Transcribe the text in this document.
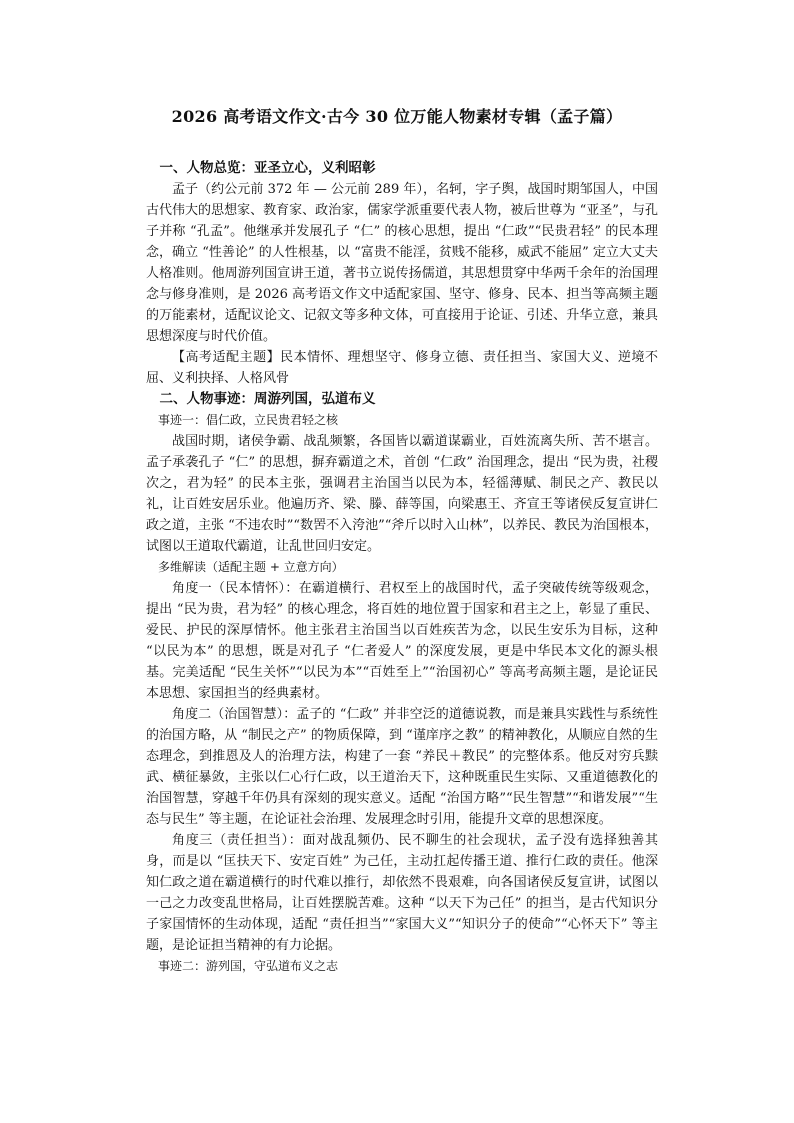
2026 高考语文作文·古今 30 位万能人物素材专辑（孟子篇）

一、人物总览：亚圣立心，义利昭彰

孟子（约公元前 372 年 — 公元前 289 年），名轲，字子舆，战国时期邹国人，中国古代伟大的思想家、教育家、政治家，儒家学派重要代表人物，被后世尊为 “亚圣”，与孔子并称 “孔孟”。他继承并发展孔子 “仁” 的核心思想，提出 “仁政”“民贵君轻” 的民本理念，确立 “性善论” 的人性根基，以 “富贵不能淫，贫贱不能移，威武不能屈” 定立大丈夫人格准则。他周游列国宣讲王道，著书立说传扬儒道，其思想贯穿中华两千余年的治国理念与修身准则，是 2026 高考语文作文中适配家国、坚守、修身、民本、担当等高频主题的万能素材，适配议论文、记叙文等多种文体，可直接用于论证、引述、升华立意，兼具思想深度与时代价值。

【高考适配主题】民本情怀、理想坚守、修身立德、责任担当、家国大义、逆境不屈、义利抉择、人格风骨

二、人物事迹：周游列国，弘道布义

事迹一：倡仁政，立民贵君轻之核

战国时期，诸侯争霸、战乱频繁，各国皆以霸道谋霸业，百姓流离失所、苦不堪言。孟子承袭孔子 “仁” 的思想，摒弃霸道之术，首创 “仁政” 治国理念，提出 “民为贵，社稷次之，君为轻” 的民本主张，强调君主治国当以民为本，轻徭薄赋、制民之产、教民以礼，让百姓安居乐业。他遍历齐、梁、滕、薛等国，向梁惠王、齐宣王等诸侯反复宣讲仁政之道，主张 “不违农时”“数罟不入洿池”“斧斤以时入山林”，以养民、教民为治国根本，试图以王道取代霸道，让乱世回归安定。

多维解读（适配主题 + 立意方向）

角度一（民本情怀）：在霸道横行、君权至上的战国时代，孟子突破传统等级观念，提出 “民为贵，君为轻” 的核心理念，将百姓的地位置于国家和君主之上，彰显了重民、爱民、护民的深厚情怀。他主张君主治国当以百姓疾苦为念，以民生安乐为目标，这种 “以民为本” 的思想，既是对孔子 “仁者爱人” 的深度发展，更是中华民本文化的源头根基。完美适配 “民生关怀”“以民为本”“百姓至上”“治国初心” 等高考高频主题，是论证民本思想、家国担当的经典素材。

角度二（治国智慧）：孟子的 “仁政” 并非空泛的道德说教，而是兼具实践性与系统性的治国方略，从 “制民之产” 的物质保障，到 “谨庠序之教” 的精神教化，从顺应自然的生态理念，到推恩及人的治理方法，构建了一套 “养民＋教民” 的完整体系。他反对穷兵黩武、横征暴敛，主张以仁心行仁政，以王道治天下，这种既重民生实际、又重道德教化的治国智慧，穿越千年仍具有深刻的现实意义。适配 “治国方略”“民生智慧”“和谐发展”“生态与民生” 等主题，在论证社会治理、发展理念时引用，能提升文章的思想深度。

角度三（责任担当）：面对战乱频仍、民不聊生的社会现状，孟子没有选择独善其身，而是以 “匡扶天下、安定百姓” 为己任，主动扛起传播王道、推行仁政的责任。他深知仁政之道在霸道横行的时代难以推行，却依然不畏艰难，向各国诸侯反复宣讲，试图以一己之力改变乱世格局，让百姓摆脱苦难。这种 “以天下为己任” 的担当，是古代知识分子家国情怀的生动体现，适配 “责任担当”“家国大义”“知识分子的使命”“心怀天下” 等主题，是论证担当精神的有力论据。

事迹二：游列国，守弘道布义之志
